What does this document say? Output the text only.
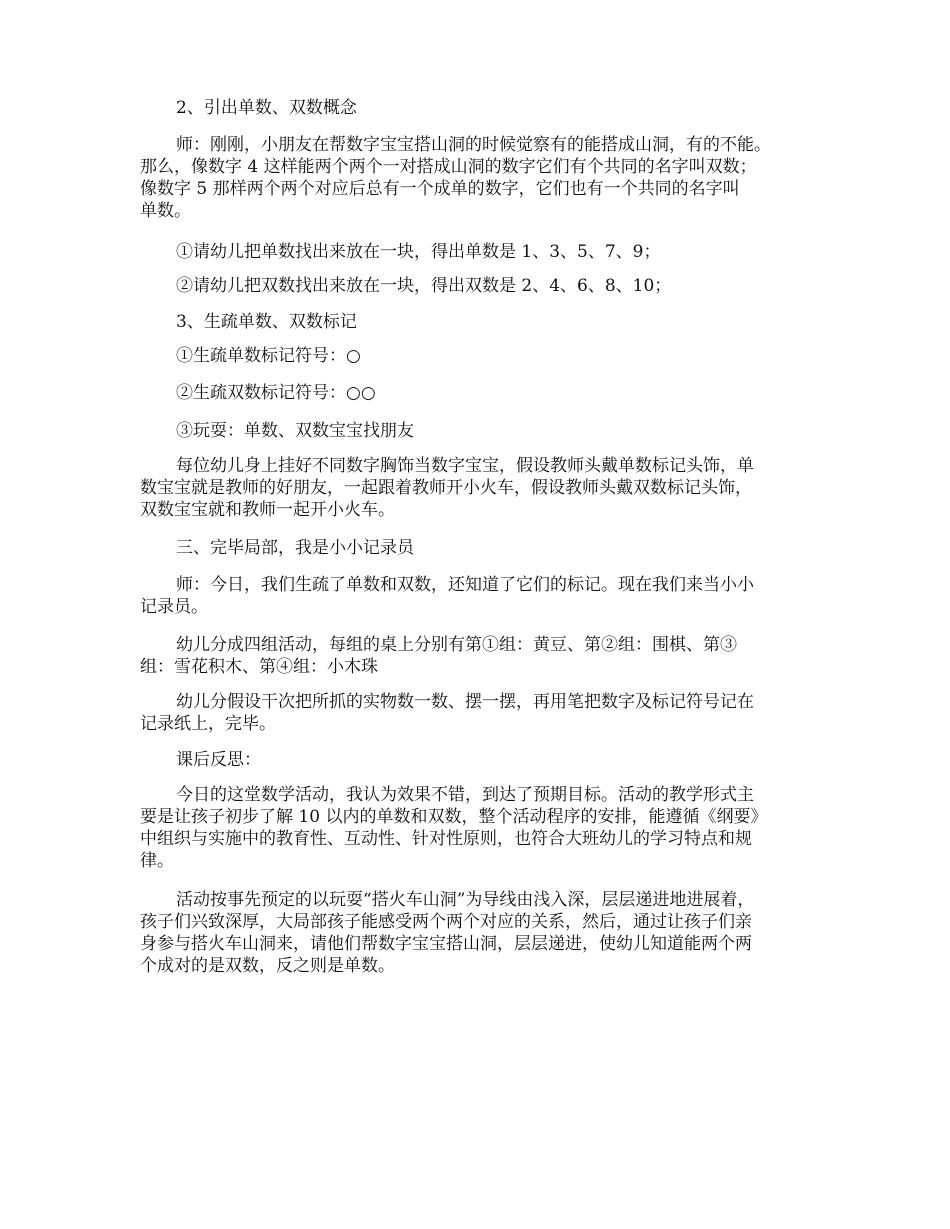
2、引出单数、双数概念
师：刚刚，小朋友在帮数字宝宝搭山洞的时候觉察有的能搭成山洞，有的不能。
那么，像数字 4 这样能两个两个一对搭成山洞的数字它们有个共同的名字叫双数；
像数字 5 那样两个两个对应后总有一个成单的数字，它们也有一个共同的名字叫
单数。
①请幼儿把单数找出来放在一块，得出单数是 1、3、5、7、9；
②请幼儿把双数找出来放在一块，得出双数是 2、4、6、8、10；
3、生疏单数、双数标记
①生疏单数标记符号：○
②生疏双数标记符号：○○
③玩耍：单数、双数宝宝找朋友
每位幼儿身上挂好不同数字胸饰当数字宝宝，假设教师头戴单数标记头饰，单
数宝宝就是教师的好朋友，一起跟着教师开小火车，假设教师头戴双数标记头饰，
双数宝宝就和教师一起开小火车。
三、完毕局部，我是小小记录员
师：今日，我们生疏了单数和双数，还知道了它们的标记。现在我们来当小小
记录员。
幼儿分成四组活动，每组的桌上分别有第①组：黄豆、第②组：围棋、第③
组：雪花积木、第④组：小木珠
幼儿分假设干次把所抓的实物数一数、摆一摆，再用笔把数字及标记符号记在
记录纸上，完毕。
课后反思：
今日的这堂数学活动，我认为效果不错，到达了预期目标。活动的教学形式主
要是让孩子初步了解 10 以内的单数和双数，整个活动程序的安排，能遵循《纲要》
中组织与实施中的教育性、互动性、针对性原则，也符合大班幼儿的学习特点和规
律。
活动按事先预定的以玩耍“搭火车山洞”为导线由浅入深，层层递进地进展着，
孩子们兴致深厚，大局部孩子能感受两个两个对应的关系，然后，通过让孩子们亲
身参与搭火车山洞来，请他们帮数字宝宝搭山洞，层层递进，使幼儿知道能两个两
个成对的是双数，反之则是单数。
